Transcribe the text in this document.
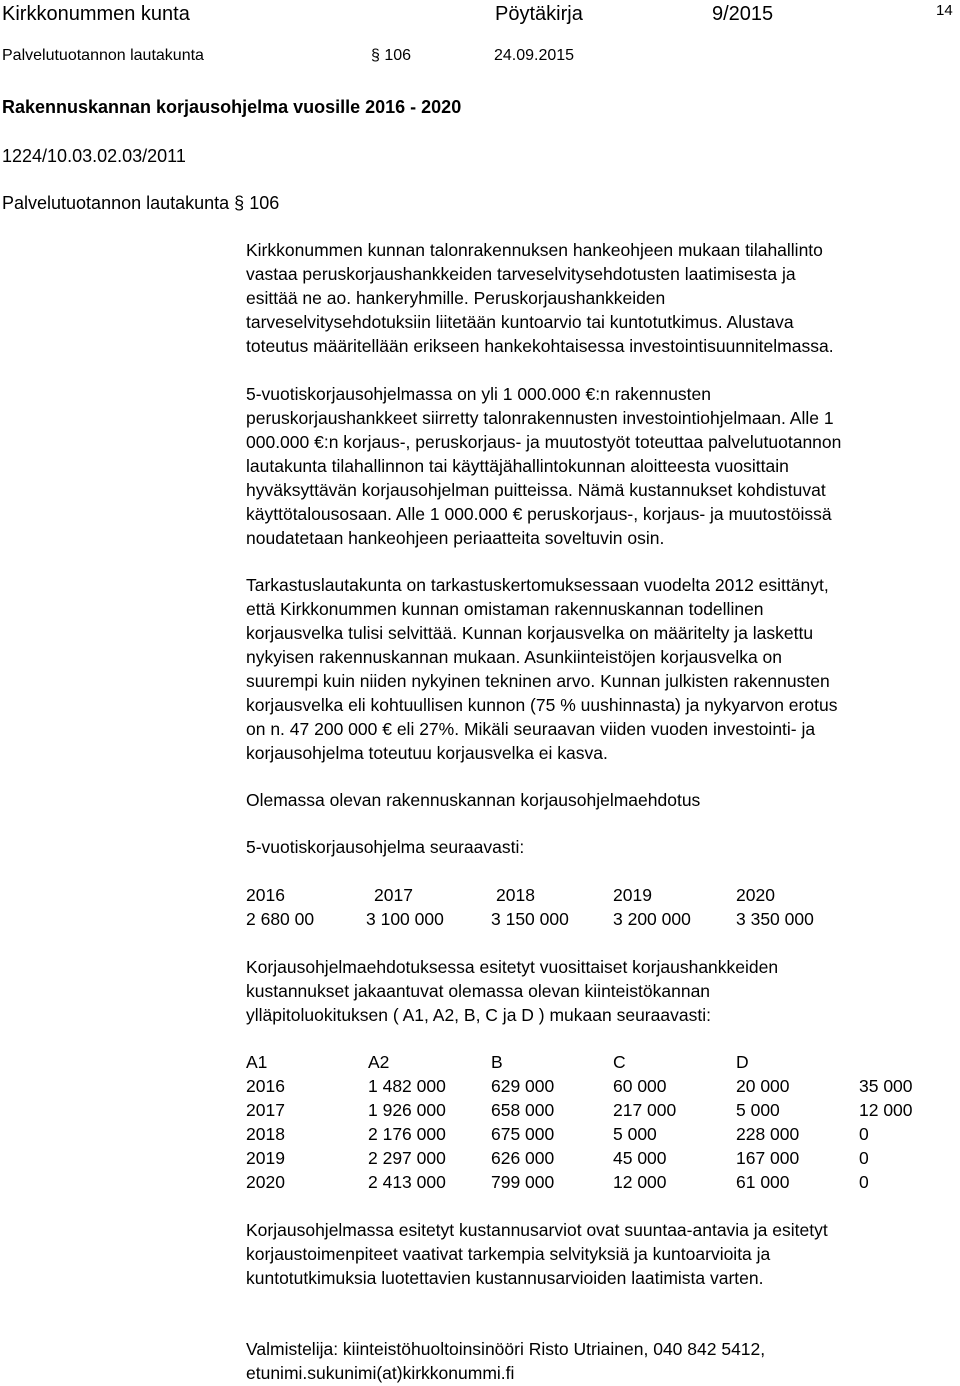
Kirkkonummen kunta	Pöytäkirja	9/2015	14
Palvelutuotannon lautakunta	§ 106	24.09.2015
Rakennuskannan korjausohjelma vuosille 2016 - 2020
1224/10.03.02.03/2011
Palvelutuotannon lautakunta § 106
Kirkkonummen kunnan talonrakennuksen hankeohjeen mukaan tilahallinto
vastaa peruskorjaushankkeiden tarveselvitysehdotusten laatimisesta ja
esittää ne ao. hankeryhmille. Peruskorjaushankkeiden
tarveselvitysehdotuksiin liitetään kuntoarvio tai kuntotutkimus. Alustava
toteutus määritellään erikseen hankekohtaisessa investointisuunnitelmassa.
5-vuotiskorjausohjelmassa on yli 1 000.000 €:n rakennusten
peruskorjaushankkeet siirretty talonrakennusten investointiohjelmaan. Alle 1
000.000 €:n korjaus-, peruskorjaus- ja muutostyöt toteuttaa palvelutuotannon
lautakunta tilahallinnon tai käyttäjähallintokunnan aloitteesta vuosittain
hyväksyttävän korjausohjelman puitteissa. Nämä kustannukset kohdistuvat
käyttötalousosaan. Alle 1 000.000 € peruskorjaus-, korjaus- ja muutostöissä
noudatetaan hankeohjeen periaatteita soveltuvin osin.
Tarkastuslautakunta on tarkastuskertomuksessaan vuodelta 2012 esittänyt,
että Kirkkonummen kunnan omistaman rakennuskannan todellinen
korjausvelka tulisi selvittää. Kunnan korjausvelka on määritelty ja laskettu
nykyisen rakennuskannan mukaan. Asunkiinteistöjen korjausvelka on
suurempi kuin niiden nykyinen tekninen arvo. Kunnan julkisten rakennusten
korjausvelka eli kohtuullisen kunnon (75 % uushinnasta) ja nykyarvon erotus
on n. 47 200 000 € eli 27%. Mikäli seuraavan viiden vuoden investointi- ja
korjausohjelma toteutuu korjausvelka ei kasva.
Olemassa olevan rakennuskannan korjausohjelmaehdotus
5-vuotiskorjausohjelma seuraavasti:
2016	2017	2018	2019	2020
2 680 00	3 100 000	3 150 000	3 200 000	3 350 000
Korjausohjelmaehdotuksessa esitetyt vuosittaiset korjaushankkeiden
kustannukset jakaantuvat olemassa olevan kiinteistökannan
ylläpitoluokituksen ( A1, A2, B, C ja D ) mukaan seuraavasti:
A1	A2	B	C	D
2016	1 482 000	629 000	60 000	20 000	35 000
2017	1 926 000	658 000	217 000	5 000	12 000
2018	2 176 000	675 000	5 000	228 000	0
2019	2 297 000	626 000	45 000	167 000	0
2020	2 413 000	799 000	12 000	61 000	0
Korjausohjelmassa esitetyt kustannusarviot ovat suuntaa-antavia ja esitetyt
korjaustoimenpiteet vaativat tarkempia selvityksiä ja kuntoarvioita ja
kuntotutkimuksia luotettavien kustannusarvioiden laatimista varten.
Valmistelija: kiinteistöhuoltoinsinööri Risto Utriainen, 040 842 5412,
etunimi.sukunimi(at)kirkkonummi.fi
